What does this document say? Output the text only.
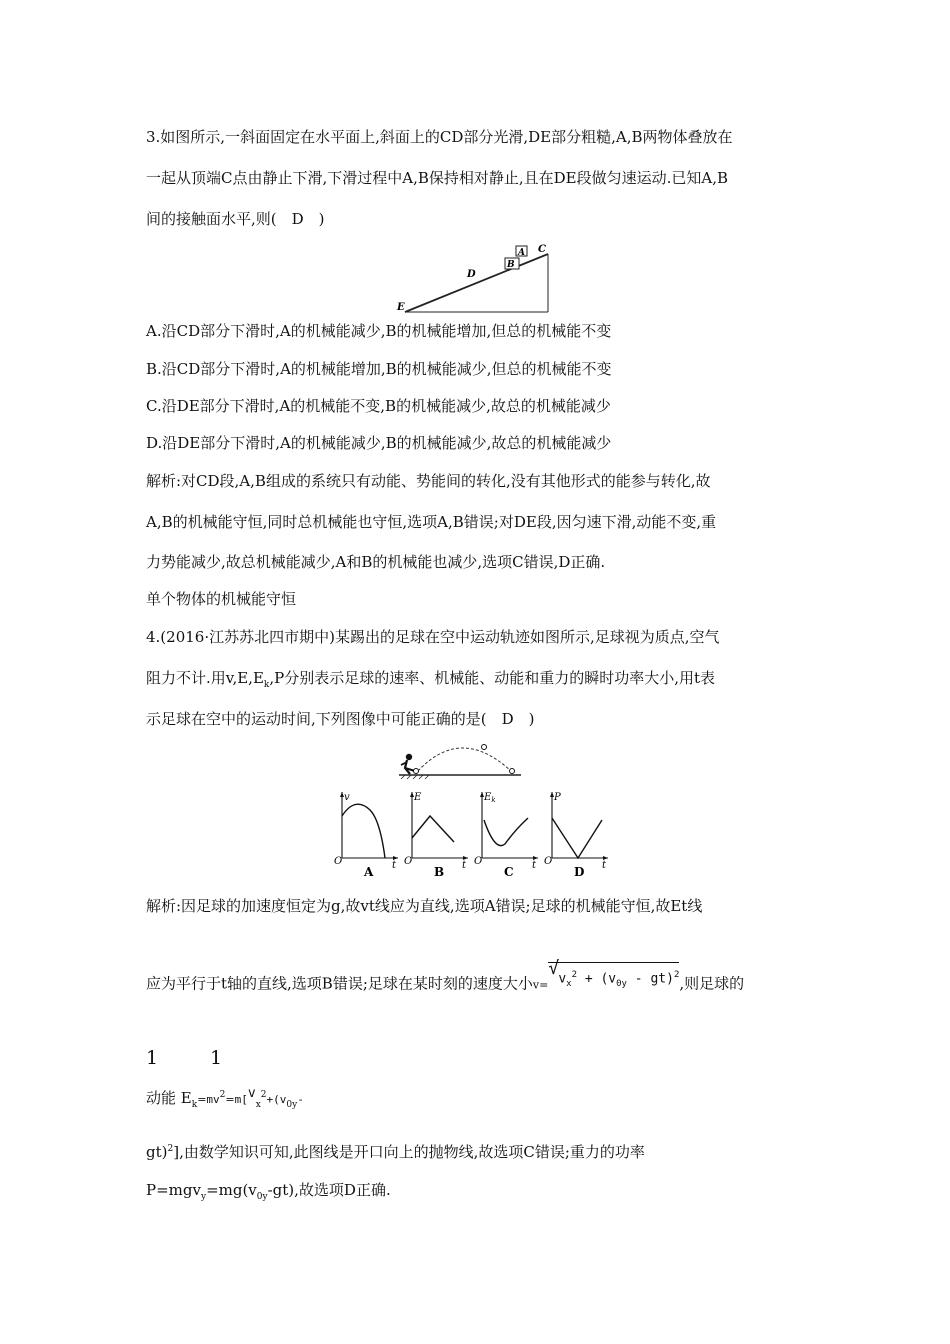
3.如图所示,一斜面固定在水平面上,斜面上的CD部分光滑,DE部分粗糙,A,B两物体叠放在
一起从顶端C点由静止下滑,下滑过程中A,B保持相对静止,且在DE段做匀速运动.已知A,B
间的接触面水平,则(　D　)
A
B
C
D
E
A.沿CD部分下滑时,A的机械能减少,B的机械能增加,但总的机械能不变
B.沿CD部分下滑时,A的机械能增加,B的机械能减少,但总的机械能不变
C.沿DE部分下滑时,A的机械能不变,B的机械能减少,故总的机械能减少
D.沿DE部分下滑时,A的机械能减少,B的机械能减少,故总的机械能减少
解析:对CD段,A,B组成的系统只有动能、势能间的转化,没有其他形式的能参与转化,故
A,B的机械能守恒,同时总机械能也守恒,选项A,B错误;对DE段,因匀速下滑,动能不变,重
力势能减少,故总机械能减少,A和B的机械能也减少,选项C错误,D正确.
单个物体的机械能守恒
4.(2016·江苏苏北四市期中)某踢出的足球在空中运动轨迹如图所示,足球视为质点,空气
阻力不计.用$v,E,E_k,P$分别表示足球的速率、机械能、动能和重力的瞬时功率大小,用t表
示足球在空中的运动时间,下列图像中可能正确的是(　D　)
v
O	t
A
E
O	t
B
$E_k$
O	t
C
P
O	t
D
解析:因足球的加速度恒定为g,故vt线应为直线,选项A错误;足球的机械能守恒,故Et线
应为平行于t轴的直线,选项B错误;足球在某时刻的速度大小v=
√ $v_x^2 + (v_{0y} - gt)^2$,则足球的
1	1
动能 $E_k=mv^2=m[v_x^2+(v_{0y}-$
gt)$^2$],由数学知识可知,此图线是开口向上的抛物线,故选项C错误;重力的功率
$P=mgv_y=mg(v_{0y}-gt)$,故选项D正确.
